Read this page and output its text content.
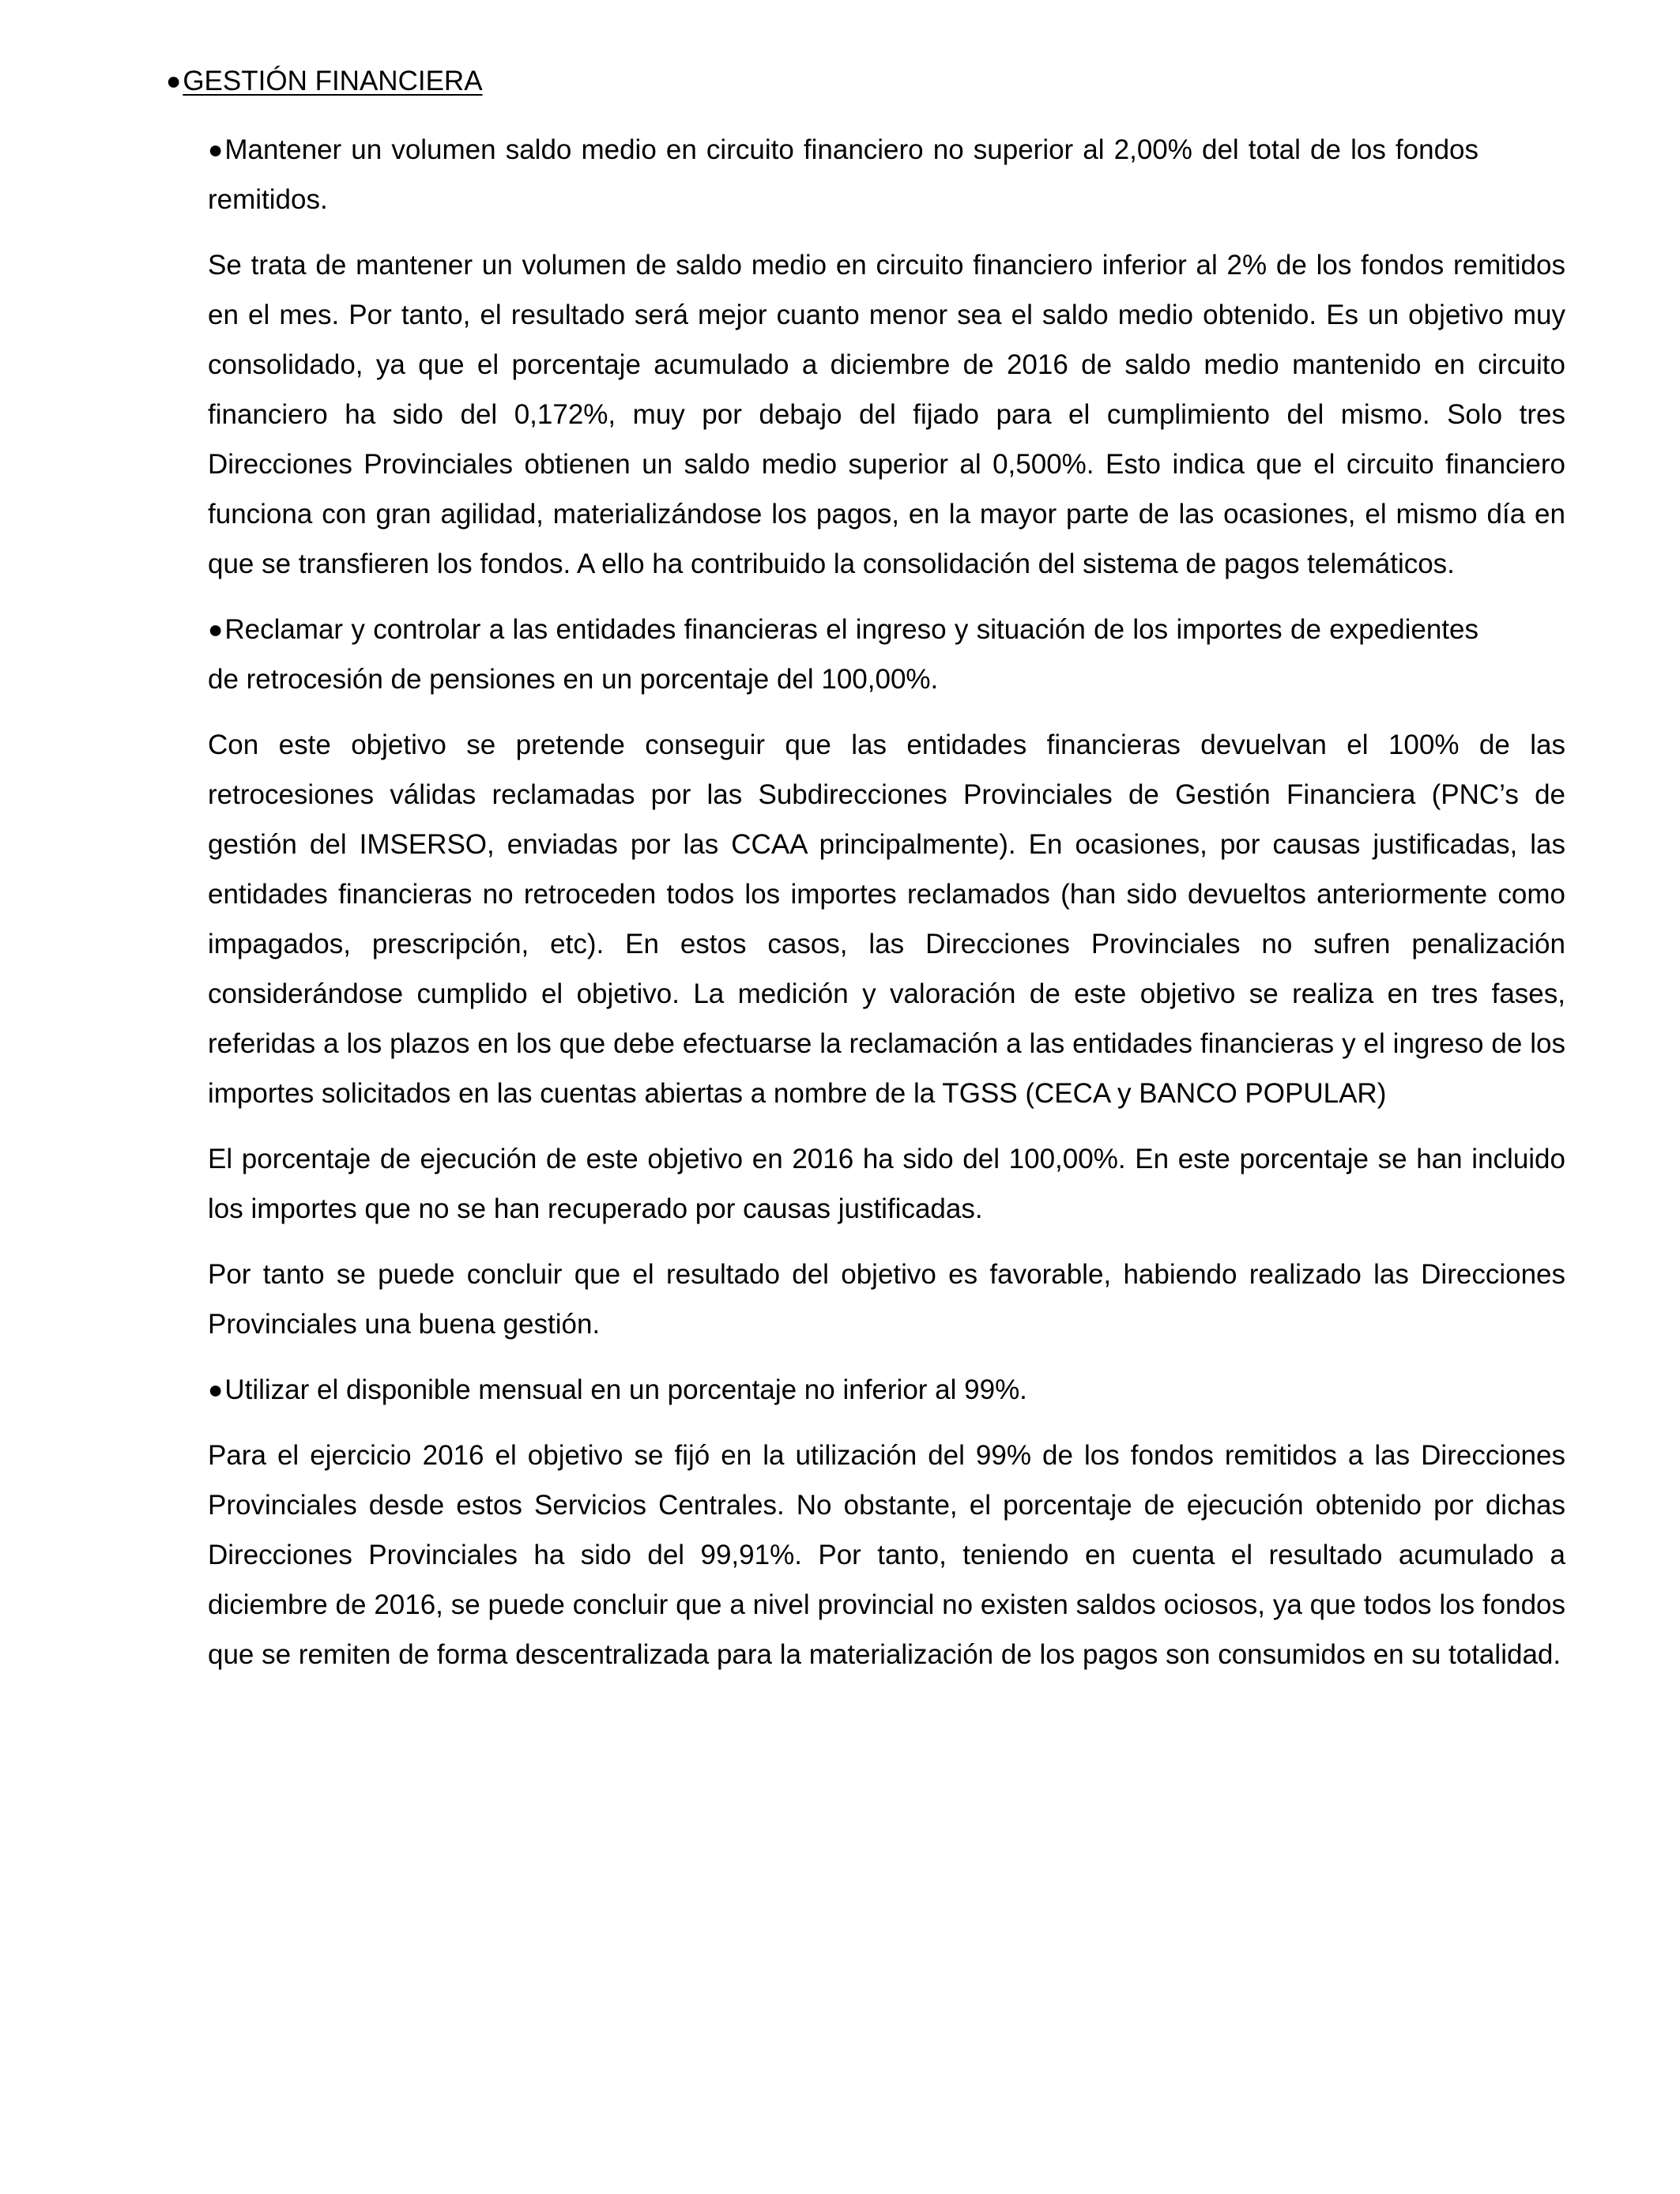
●GESTIÓN FINANCIERA
●Mantener un volumen saldo medio en circuito financiero no superior al 2,00% del total de los fondos remitidos.

Se trata de mantener un volumen de saldo medio en circuito financiero inferior al 2% de los fondos remitidos en el mes. Por tanto, el resultado será mejor cuanto menor sea el saldo medio obtenido. Es un objetivo muy consolidado, ya que el porcentaje acumulado a diciembre de 2016 de saldo medio mantenido en circuito financiero ha sido del 0,172%, muy por debajo del fijado para el cumplimiento del mismo. Solo tres Direcciones Provinciales obtienen un saldo medio superior al 0,500%. Esto indica que el circuito financiero funciona con gran agilidad, materializándose los pagos, en la mayor parte de las ocasiones, el mismo día en que se transfieren los fondos. A ello ha contribuido la consolidación del sistema de pagos telemáticos.

●Reclamar y controlar a las entidades financieras el ingreso y situación de los importes de expedientes de retrocesión de pensiones en un porcentaje del 100,00%.

Con este objetivo se pretende conseguir que las entidades financieras devuelvan el 100% de las retrocesiones válidas reclamadas por las Subdirecciones Provinciales de Gestión Financiera (PNC’s de gestión del IMSERSO, enviadas por las CCAA principalmente). En ocasiones, por causas justificadas, las entidades financieras no retroceden todos los importes reclamados (han sido devueltos anteriormente como impagados, prescripción, etc). En estos casos, las Direcciones Provinciales no sufren penalización considerándose cumplido el objetivo. La medición y valoración de este objetivo se realiza en tres fases, referidas a los plazos en los que debe efectuarse la reclamación a las entidades financieras y el ingreso de los importes solicitados en las cuentas abiertas a nombre de la TGSS (CECA y BANCO POPULAR)

El porcentaje de ejecución de este objetivo en 2016 ha sido del 100,00%. En este porcentaje se han incluido los importes que no se han recuperado por causas justificadas.

Por tanto se puede concluir que el resultado del objetivo es favorable, habiendo realizado las Direcciones Provinciales una buena gestión.

●Utilizar el disponible mensual en un porcentaje no inferior al 99%.

Para el ejercicio 2016 el objetivo se fijó en la utilización del 99% de los fondos remitidos a las Direcciones Provinciales desde estos Servicios Centrales. No obstante, el porcentaje de ejecución obtenido por dichas Direcciones Provinciales ha sido del 99,91%. Por tanto, teniendo en cuenta el resultado acumulado a diciembre de 2016, se puede concluir que a nivel provincial no existen saldos ociosos, ya que todos los fondos que se remiten de forma descentralizada para la materialización de los pagos son consumidos en su totalidad.
